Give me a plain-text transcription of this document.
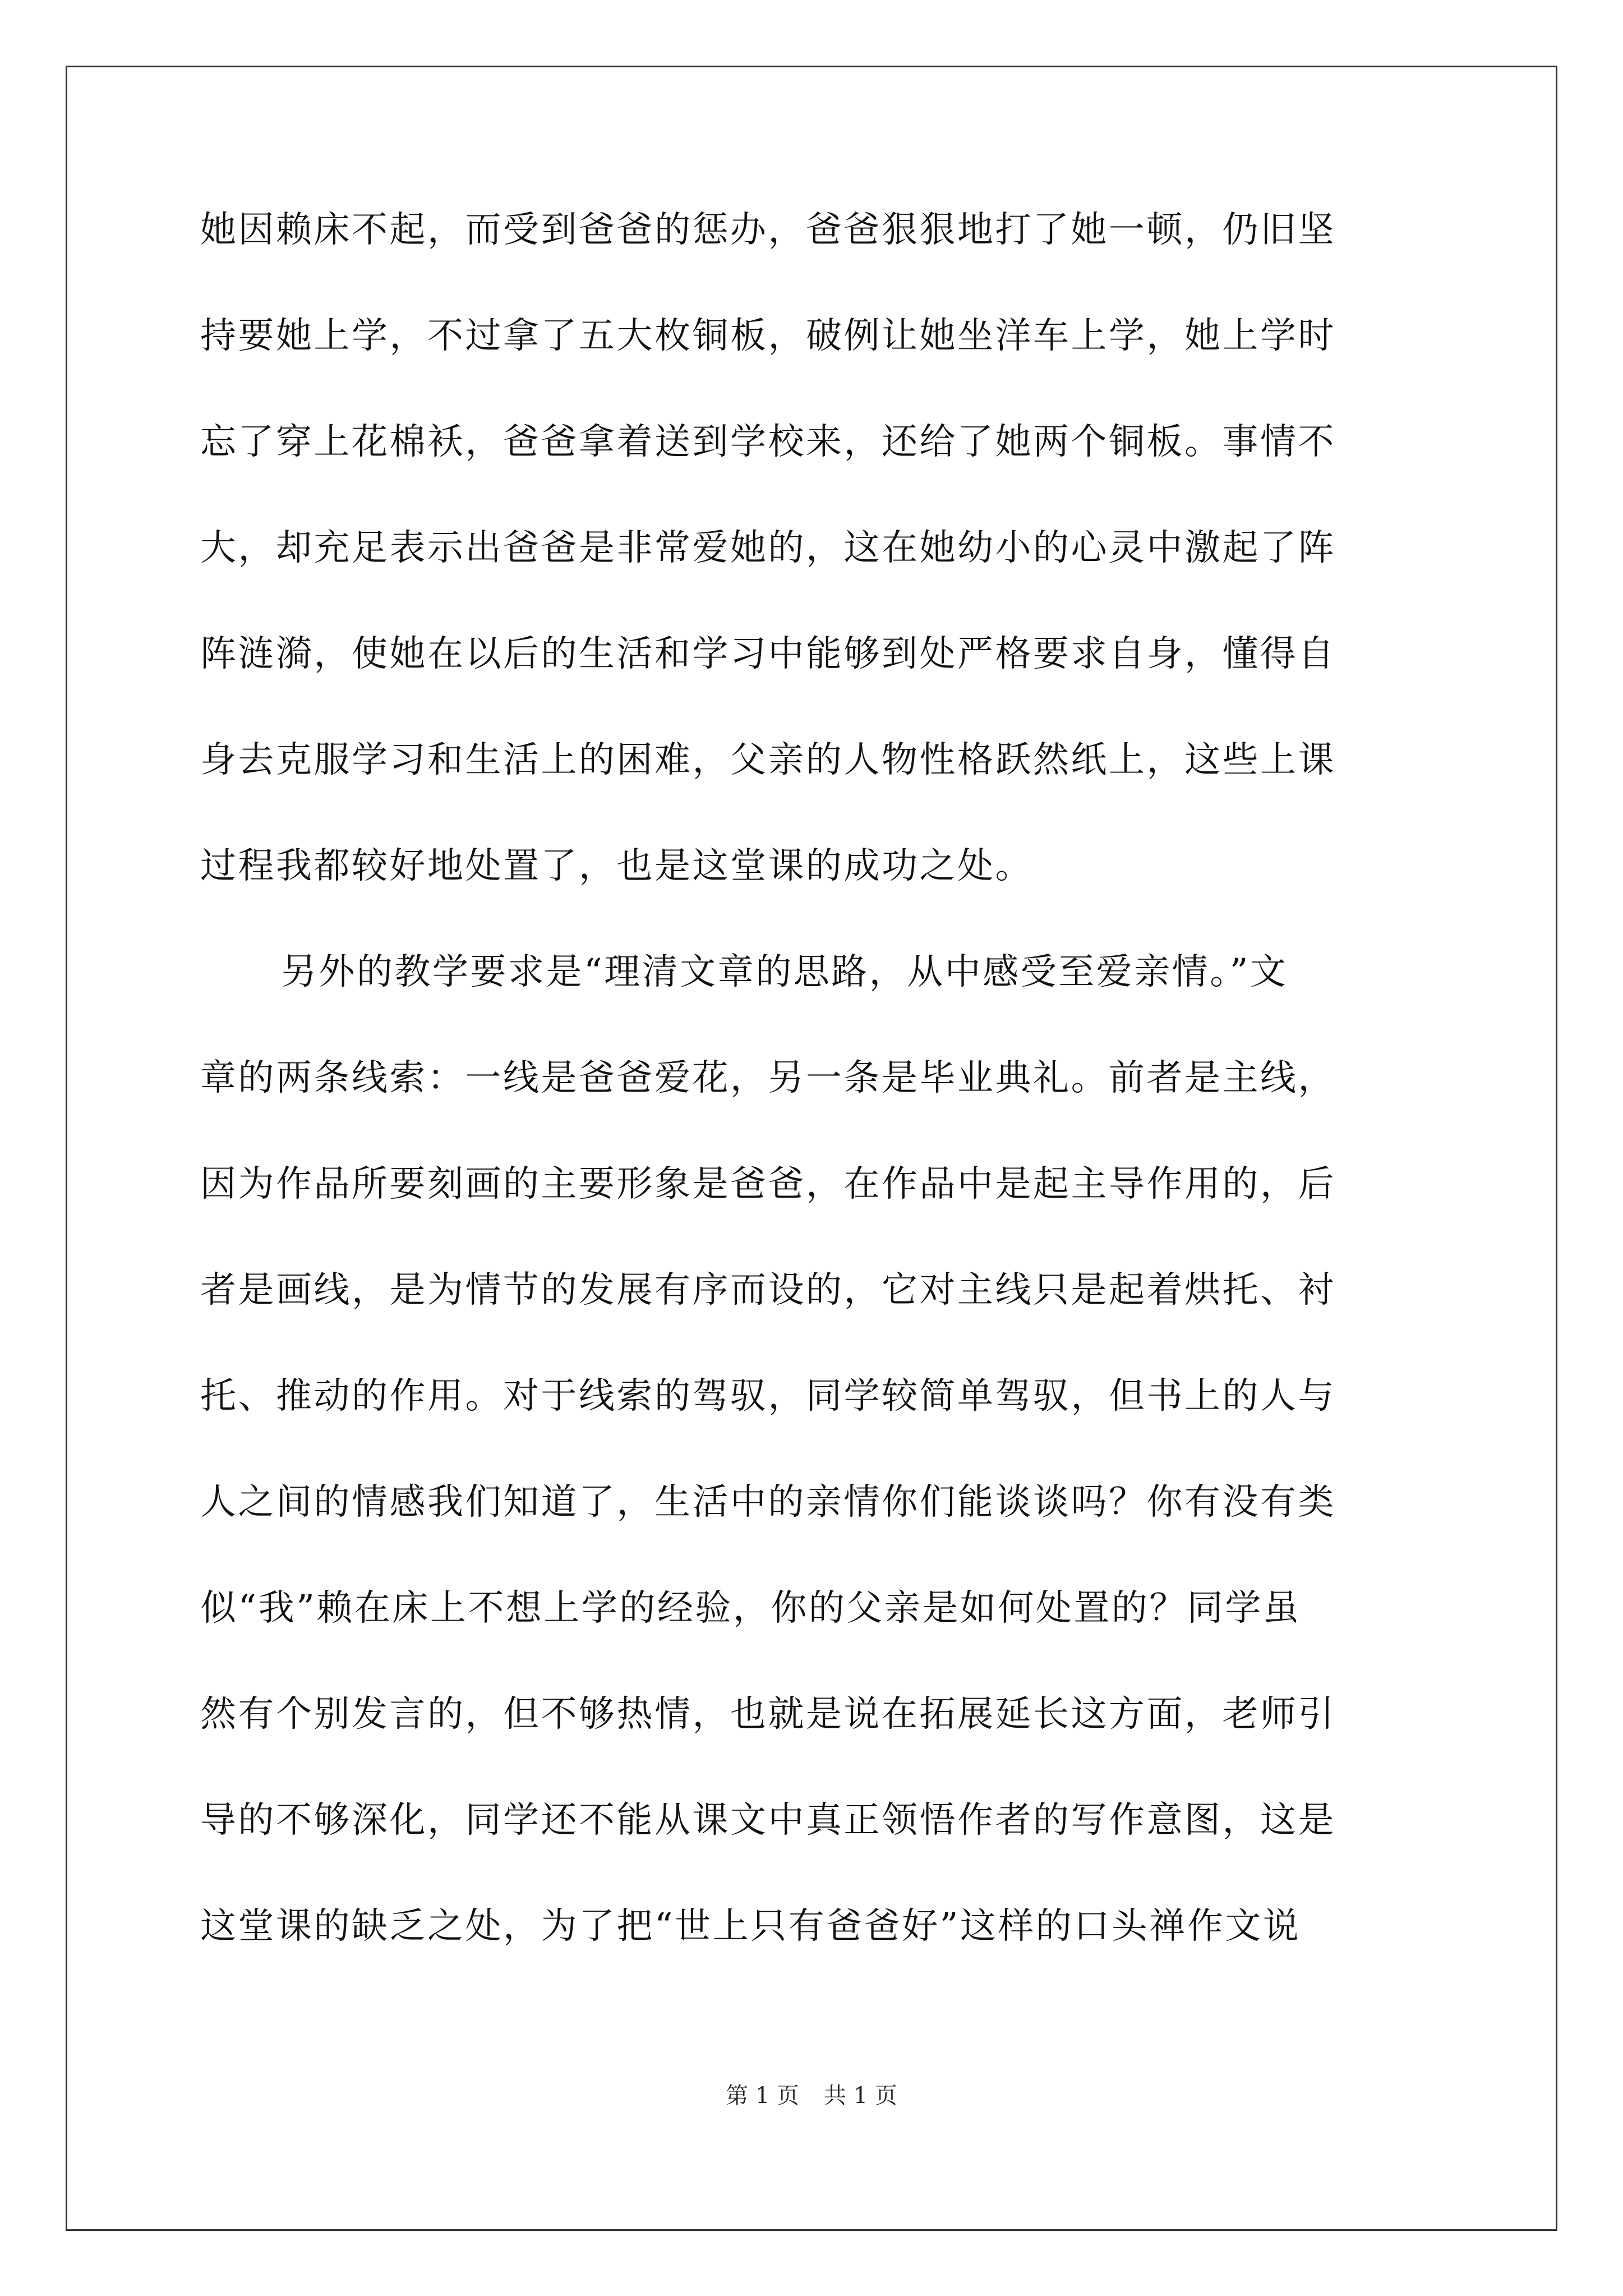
她因赖床不起，而受到爸爸的惩办，爸爸狠狠地打了她一顿，仍旧坚
持要她上学，不过拿了五大枚铜板，破例让她坐洋车上学，她上学时
忘了穿上花棉袄，爸爸拿着送到学校来，还给了她两个铜板。事情不
大，却充足表示出爸爸是非常爱她的，这在她幼小的心灵中激起了阵
阵涟漪，使她在以后的生活和学习中能够到处严格要求自身，懂得自
身去克服学习和生活上的困难，父亲的人物性格跃然纸上，这些上课
过程我都较好地处置了，也是这堂课的成功之处。
另外的教学要求是“理清文章的思路，从中感受至爱亲情。”文
章的两条线索：一线是爸爸爱花，另一条是毕业典礼。前者是主线，
因为作品所要刻画的主要形象是爸爸，在作品中是起主导作用的，后
者是画线，是为情节的发展有序而设的，它对主线只是起着烘托、衬
托、推动的作用。对于线索的驾驭，同学较简单驾驭，但书上的人与
人之间的情感我们知道了，生活中的亲情你们能谈谈吗？你有没有类
似“我”赖在床上不想上学的经验，你的父亲是如何处置的？同学虽
然有个别发言的，但不够热情，也就是说在拓展延长这方面，老师引
导的不够深化，同学还不能从课文中真正领悟作者的写作意图，这是
这堂课的缺乏之处，为了把“世上只有爸爸好”这样的口头禅作文说
第 1 页 共 1 页
